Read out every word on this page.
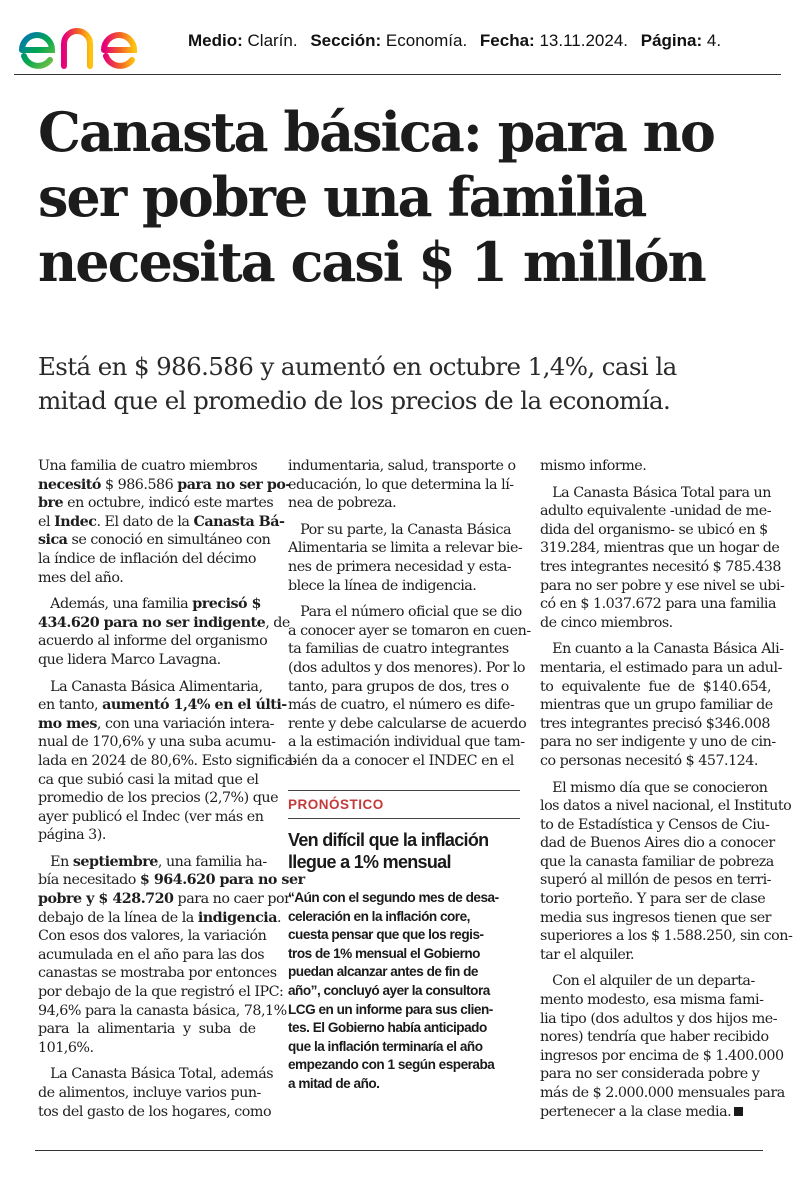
Medio: Clarín. Sección: Economía. Fecha: 13.11.2024. Página: 4.
Canasta básica: para no
ser pobre una familia
necesita casi $ 1 millón
Está en $ 986.586 y aumentó en octubre 1,4%, casi la
mitad que el promedio de los precios de la economía.
Una familia de cuatro miembros
necesitó $ 986.586 para no ser po-
bre en octubre, indicó este martes
el Indec. El dato de la Canasta Bá-
sica se conoció en simultáneo con
la índice de inflación del décimo
mes del año.
Además, una familia precisó $
434.620 para no ser indigente, de
acuerdo al informe del organismo
que lidera Marco Lavagna.
La Canasta Básica Alimentaria,
en tanto, aumentó 1,4% en el últi-
mo mes, con una variación interа-
nual de 170,6% y una suba acumu-
lada en 2024 de 80,6%. Esto significa-
ca que subió casi la mitad que el
promedio de los precios (2,7%) que
ayer publicó el Indec (ver más en
página 3).
En septiembre, una familia ha-
bía necesitado $ 964.620 para no ser
pobre y $ 428.720 para no caer por
debajo de la línea de la indigencia.
Con esos dos valores, la variación
acumulada en el año para las dos
canastas se mostraba por entonces
por debajo de la que registró el IPC:
94,6% para la canasta básica, 78,1%
para  la  alimentaria  y  suba  de
101,6%.
La Canasta Básica Total, además
de alimentos, incluye varios pun-
tos del gasto de los hogares, como
indumentaria, salud, transporte o
educación, lo que determina la lí-
nea de pobreza.
Por su parte, la Canasta Básica
Alimentaria se limita a relevar bie-
nes de primera necesidad y esta-
blece la línea de indigencia.
Para el número oficial que se dio
a conocer ayer se tomaron en cuen-
ta familias de cuatro integrantes
(dos adultos y dos menores). Por lo
tanto, para grupos de dos, tres o
más de cuatro, el número es dife-
rente y debe calcularse de acuerdo
a la estimación individual que tam-
bién da a conocer el INDEC en el
mismo informe.
La Canasta Básica Total para un
adulto equivalente -unidad de me-
dida del organismo- se ubicó en $
319.284, mientras que un hogar de
tres integrantes necesitó $ 785.438
para no ser pobre y ese nivel se ubi-
có en $ 1.037.672 para una familia
de cinco miembros.
En cuanto a la Canasta Básica Ali-
mentaria, el estimado para un adul-
to  equivalente  fue  de  $140.654,
mientras que un grupo familiar de
tres integrantes precisó $346.008
para no ser indigente y uno de cin-
co personas necesitó $ 457.124.
El mismo día que se conocieron
los datos a nivel nacional, el Instituto
to de Estadística y Censos de Ciu-
dad de Buenos Aires dio a conocer
que la canasta familiar de pobreza
superó al millón de pesos en terri-
torio porteño. Y para ser de clase
media sus ingresos tienen que ser
superiores a los $ 1.588.250, sin con-
tar el alquiler.
Con el alquiler de un departa-
mento modesto, esa misma fami-
lia tipo (dos adultos y dos hijos me-
nores) tendría que haber recibido
ingresos por encima de $ 1.400.000
para no ser considerada pobre y
más de $ 2.000.000 mensuales para
pertenecer a la clase media.
PRONÓSTICO
Ven difícil que la inflación
llegue a 1% mensual
“Aún con el segundo mes de desa-
celeración en la inflación core,
cuesta pensar que que los regis-
tros de 1% mensual el Gobierno
puedan alcanzar antes de fin de
año”, concluyó ayer la consultora
LCG en un informe para sus clien-
tes. El Gobierno había anticipado
que la inflación terminaría el año
empezando con 1 según esperaba
a mitad de año.
